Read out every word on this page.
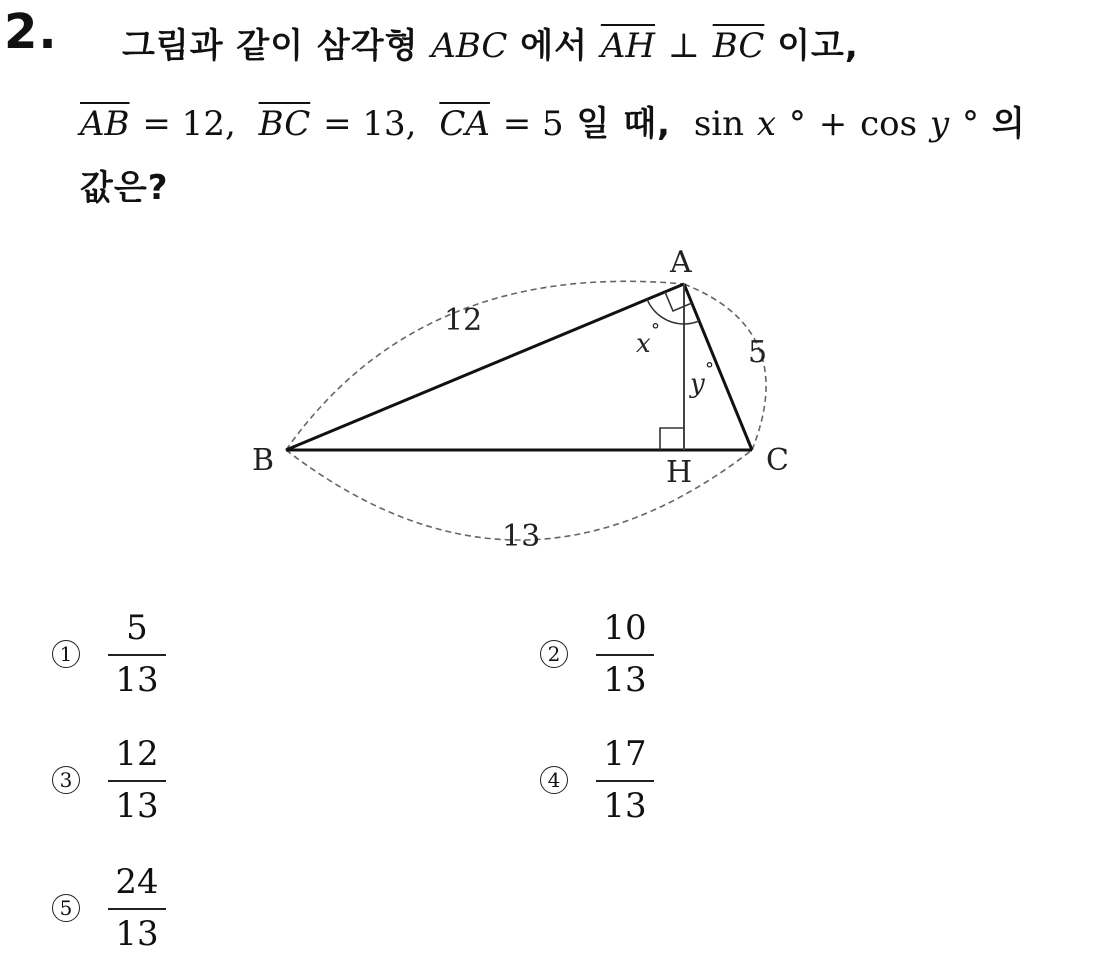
2. 그림과 같이 삼각형 ABC 에서 $\overline{AH}$ ⊥ $\overline{BC}$ 이고,
$\overline{AB} = 12$, $\overline{BC} = 13$, $\overline{CA} = 5$ 일 때, sin x ° + cos y ° 의
값은?
A
B	C
H
12
5
13
x °
y °
$1 \frac{5}{13}$	$2 \frac{10}{13}$
$3 \frac{12}{13}$	$4 \frac{17}{13}$
$5 \frac{24}{13}$
